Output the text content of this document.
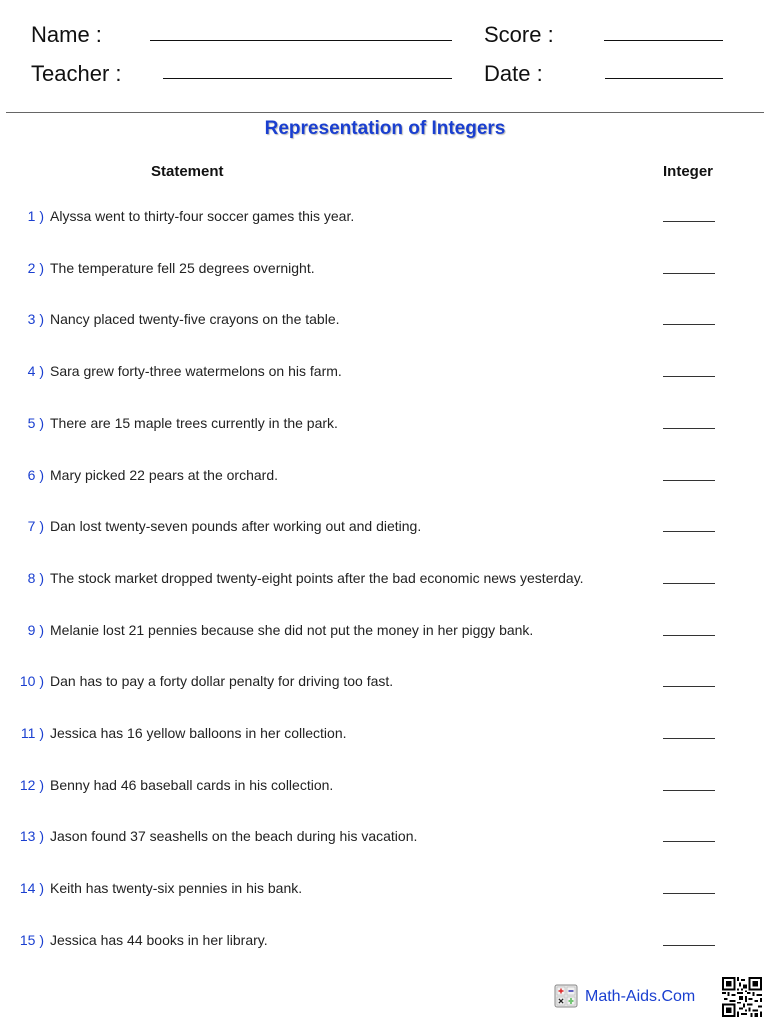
Name :
Teacher :
Score :
Date :
Representation of Integers
Statement	Integer
1 ) Alyssa went to thirty-four soccer games this year.
2 ) The temperature fell 25 degrees overnight.
3 ) Nancy placed twenty-five crayons on the table.
4 ) Sara grew forty-three watermelons on his farm.
5 ) There are 15 maple trees currently in the park.
6 ) Mary picked 22 pears at the orchard.
7 ) Dan lost twenty-seven pounds after working out and dieting.
8 ) The stock market dropped twenty-eight points after the bad economic news yesterday.
9 ) Melanie lost 21 pennies because she did not put the money in her piggy bank.
10 ) Dan has to pay a forty dollar penalty for driving too fast.
11 ) Jessica has 16 yellow balloons in her collection.
12 ) Benny had 46 baseball cards in his collection.
13 ) Jason found 37 seashells on the beach during his vacation.
14 ) Keith has twenty-six pennies in his bank.
15 ) Jessica has 44 books in her library.
Math-Aids.Com
